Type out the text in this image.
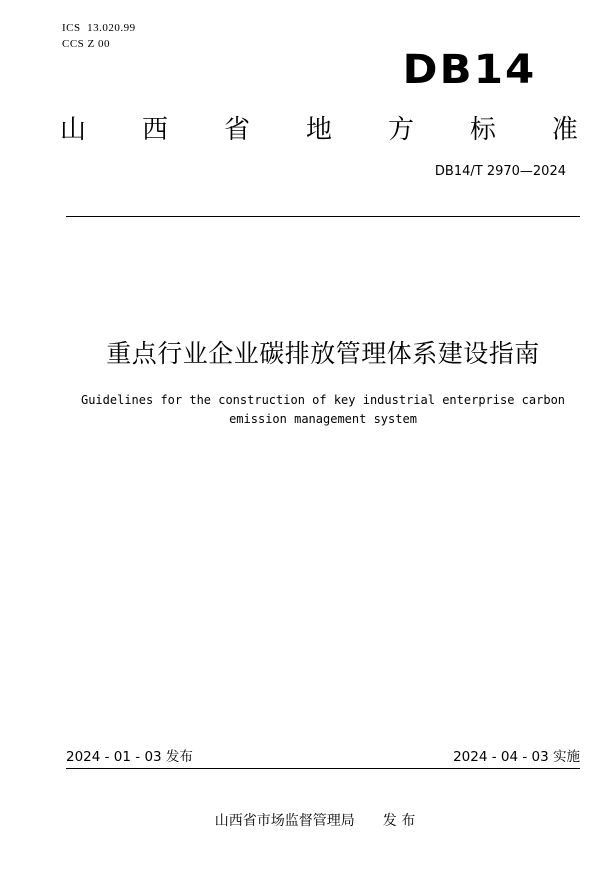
ICS  13.020.99
CCS Z 00
DB14
山 西 省 地 方 标 准
DB14/T 2970—2024
重点行业企业碳排放管理体系建设指南
Guidelines for the construction of key industrial enterprise carbon
emission management system
2024 - 01 - 03 发布	2024 - 04 - 03 实施
山西省市场监督管理局　　发 布
